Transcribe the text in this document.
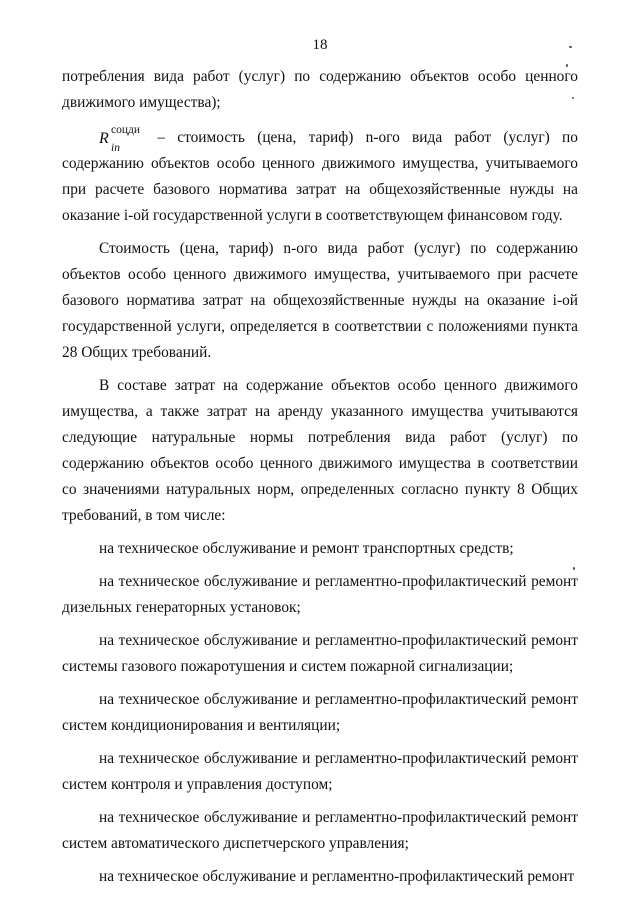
18

потребления вида работ (услуг) по содержанию объектов особо ценного движимого имущества);

R соцди
in
– стоимость (цена, тариф) n-ого вида работ (услуг) по содержанию объектов особо ценного движимого имущества, учитываемого при расчете базового норматива затрат на общехозяйственные нужды на оказание i-ой государственной услуги в соответствующем финансовом году.

Стоимость (цена, тариф) n-ого вида работ (услуг) по содержанию объектов особо ценного движимого имущества, учитываемого при расчете базового норматива затрат на общехозяйственные нужды на оказание i-ой государственной услуги, определяется в соответствии с положениями пункта 28 Общих требований.

В составе затрат на содержание объектов особо ценного движимого имущества, а также затрат на аренду указанного имущества учитываются следующие натуральные нормы потребления вида работ (услуг) по содержанию объектов особо ценного движимого имущества в соответствии со значениями натуральных норм, определенных согласно пункту 8 Общих требований, в том числе:

на техническое обслуживание и ремонт транспортных средств;

на техническое обслуживание и регламентно-профилактический ремонт дизельных генераторных установок;

на техническое обслуживание и регламентно-профилактический ремонт системы газового пожаротушения и систем пожарной сигнализации;

на техническое обслуживание и регламентно-профилактический ремонт систем кондиционирования и вентиляции;

на техническое обслуживание и регламентно-профилактический ремонт систем контроля и управления доступом;

на техническое обслуживание и регламентно-профилактический ремонт систем автоматического диспетчерского управления;

на техническое обслуживание и регламентно-профилактический ремонт
